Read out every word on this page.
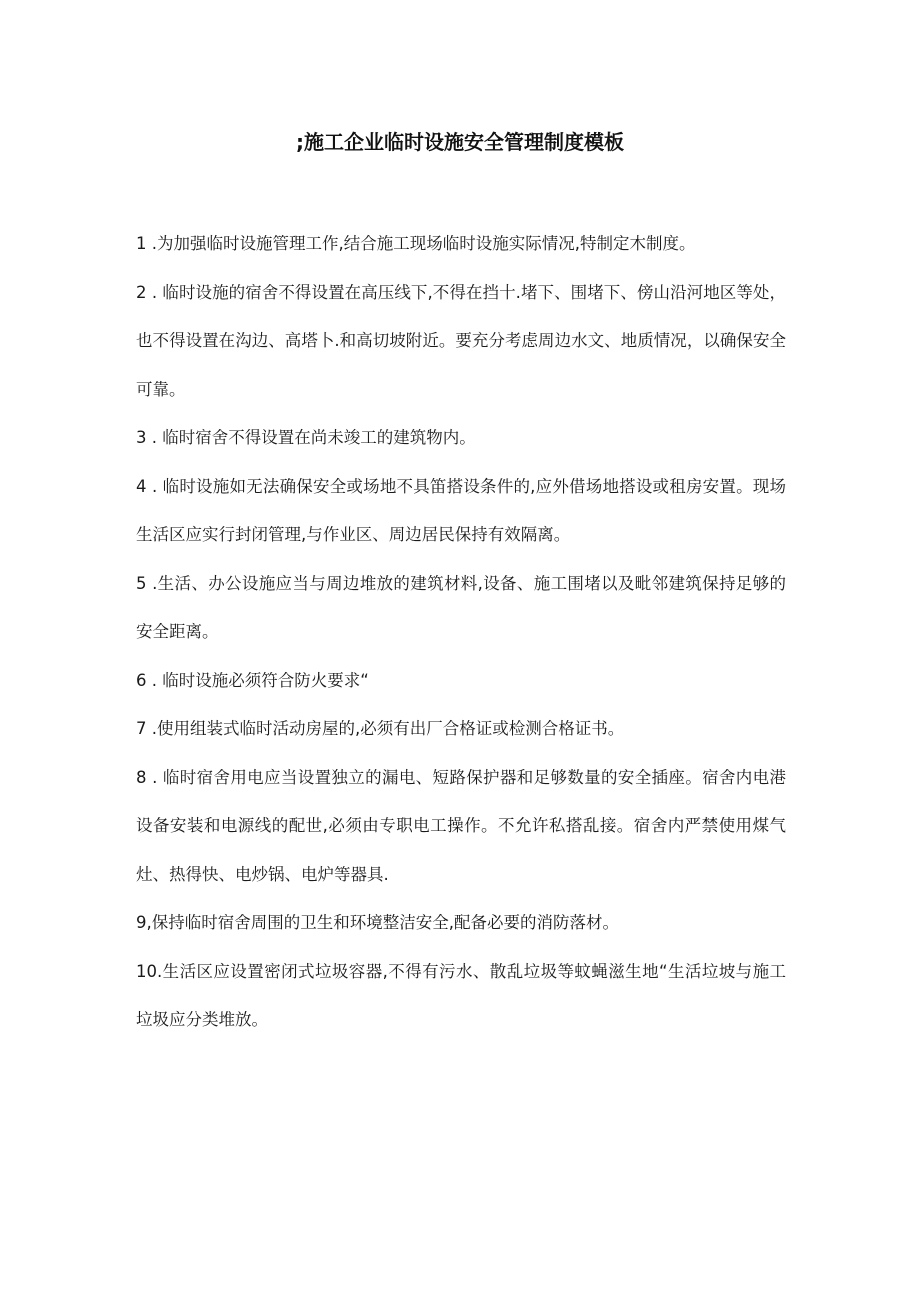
;施工企业临时设施安全管理制度模板

1 .为加强临时设施管理工作,结合施工现场临时设施实际情况,特制定木制度。

2 . 临时设施的宿舍不得设置在高压线下,不得在挡十.堵下、围堵下、傍山沿河地区等处，也不得设置在沟边、高塔卜.和高切坡附近。要充分考虑周边水文、地质情况，以确保安全可靠。

3 . 临时宿舍不得设置在尚未竣工的建筑物内。

4 . 临时设施如无法确保安全或场地不具笛搭设条件的,应外借场地搭设或租房安置。现场生活区应实行封闭管理,与作业区、周边居民保持有效隔离。

5 .生活、办公设施应当与周边堆放的建筑材料,设备、施工围堵以及毗邻建筑保持足够的安全距离。

6 . 临时设施必须符合防火要求“

7 .使用组装式临时活动房屋的,必须有出厂合格证或检测合格证书。

8 . 临时宿舍用电应当设置独立的漏电、短路保护器和足够数量的安全插座。宿舍内电港设备安装和电源线的配世,必须由专职电工操作。不允许私搭乱接。宿舍内严禁使用煤气灶、热得快、电炒锅、电炉等器具.

9,保持临时宿舍周围的卫生和环境整洁安全,配备必要的消防落材。

10.生活区应设置密闭式垃圾容器,不得有污水、散乱垃圾等蚊蝇滋生地“生活垃坡与施工垃圾应分类堆放。
